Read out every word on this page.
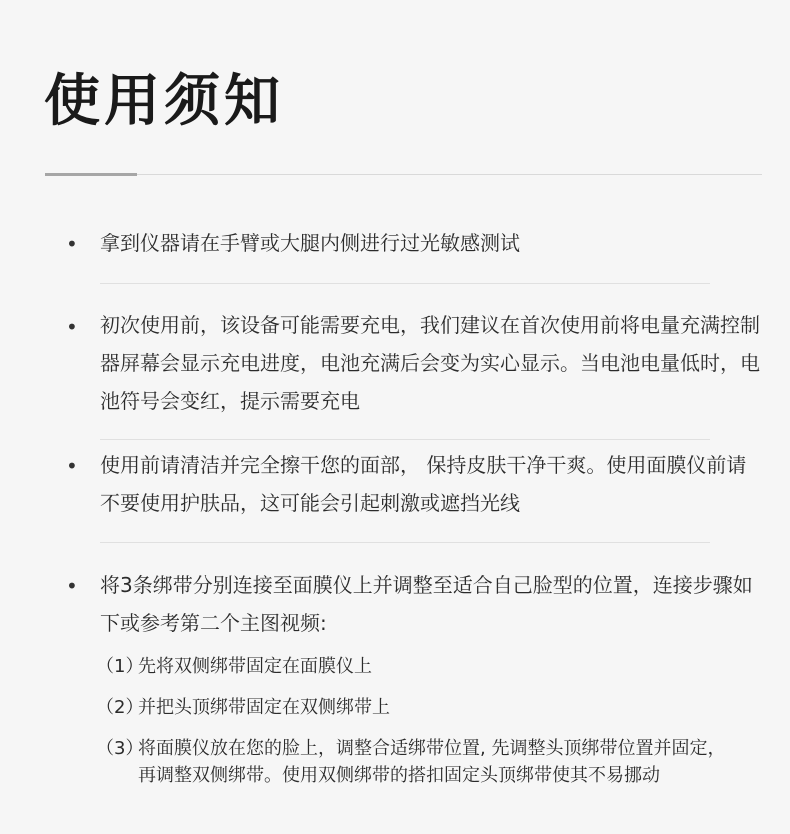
使用须知
• 拿到仪器请在手臂或大腿内侧进行过光敏感测试
• 初次使用前，该设备可能需要充电，我们建议在首次使用前将电量充满控制器屏幕会显示充电进度，电池充满后会变为实心显示。当电池电量低时，电池符号会变红，提示需要充电
• 使用前请清洁并完全擦干您的面部， 保持皮肤干净干爽。使用面膜仪前请不要使用护肤品，这可能会引起刺激或遮挡光线
• 将3条绑带分别连接至面膜仪上并调整至适合自己脸型的位置，连接步骤如下或参考第二个主图视频:
（1）
先将双侧绑带固定在面膜仪上
（2）
并把头顶绑带固定在双侧绑带上
（3）
将面膜仪放在您的脸上，调整合适绑带位置, 先调整头顶绑带位置并固定，再调整双侧绑带。使用双侧绑带的搭扣固定头顶绑带使其不易挪动
